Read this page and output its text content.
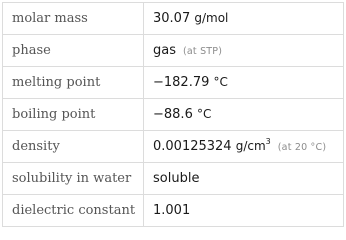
molar mass	30.07 g/mol
phase	gas (at STP)
melting point	−182.79 °C
boiling point	−88.6 °C
density	0.00125324 $g/cm^3(at$ 20 °C)
solubility in water	soluble
dielectric constant	1.001
